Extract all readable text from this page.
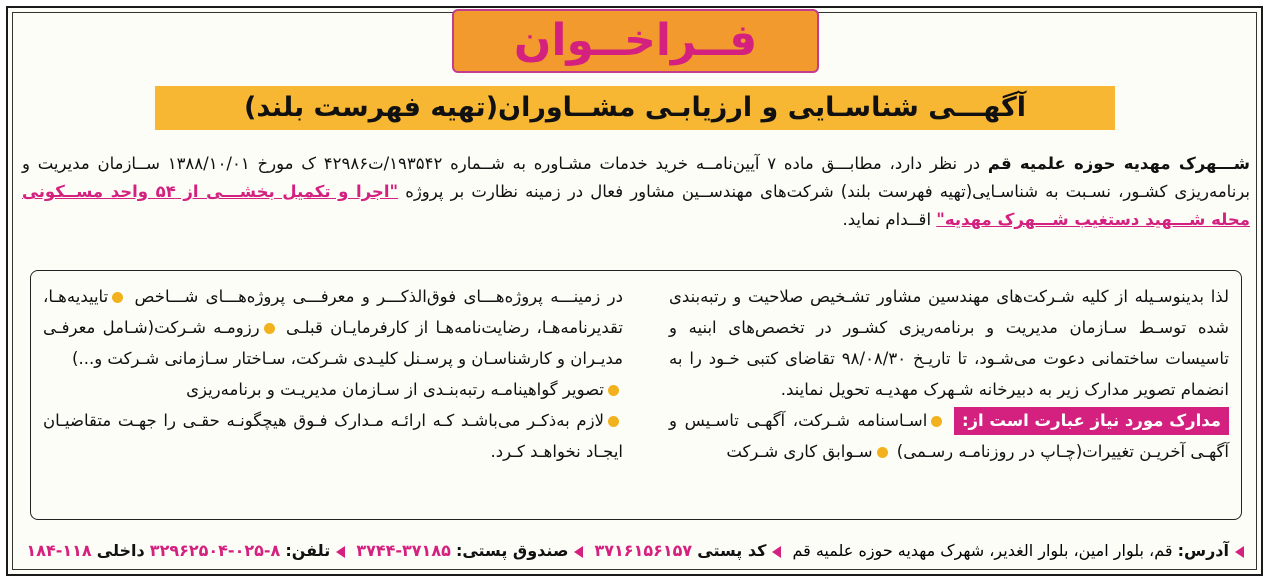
فــراخــوان
آگهـــی شناسـایی و ارزیابـی مشــاوران(تهیه فهرست بلند)
شـــهرک مهدیه حوزه علمیه قم در نظر دارد، مطابـــق ماده ۷ آیین‌نامــه خرید خدمات مشـاوره به شــماره ۱۹۳۵۴۲/ت۴۲۹۸۶ ک مورخ ۱۳۸۸/۱۰/۰۱ ســازمان مدیریت و برنامه‌ریزی کشـور، نسـبت به شناسـایی(تهیه فهرست بلند) شرکت‌های مهندســین مشاور فعال در زمینه نظارت بر پروژه "اجرا و تکمیل بخشـــی از ۵۴ واحد مســکونی محله شـــهید دستغیب شـــهرک مهدیه" اقــدام نماید.
لذا بدینوسـیله از کلیه شـرکت‌های مهندسین مشاور تشـخیص صلاحیت و رتبه‌بندی شده توسـط سـازمان مدیریت و برنامه‌ریزی کشـور در تخصص‌های ابنیه و تاسیسات ساختمانی دعوت می‌شـود، تا تاریـخ ۹۸/۰۸/۳۰ تقاضای کتبی خـود را به انضمام تصویر مدارک زیر به دبیرخانه شـهرک مهدیـه تحویل نمایند.
مدارک مورد نیاز عبارت است از: اسـاسنامه شـرکت، آگهـی تاسـیس و آگهـی آخریـن تغییرات(چـاپ در روزنامـه رسـمی) سـوابق کاری شـرکت
در زمینـــه پروژه‌هـــای فوق‌الذکـــر و معرفـــی پروژه‌هـــای شـــاخص تاییدیه‌هـا، تقدیرنامه‌هـا، رضایت‌نامه‌هـا از کارفرمایـان قبلـی رزومـه شـرکت(شـامل معرفـی مدیـران و کارشناسـان و پرسـنل کلیـدی شـرکت، سـاختار سـازمانی شـرکت و...)
تصویر گواهینامـه رتبه‌بنـدی از سـازمان مدیریـت و برنامه‌ریزی
لازم به‌ذکـر می‌باشـد کـه ارائـه مـدارک فـوق هیچگونـه حقـی را جهـت متقاضیـان ایجـاد نخواهـد کـرد.
آدرس: قم، بلوار امین، بلوار الغدیر، شهرک مهدیه حوزه علمیه قم کد پستی ۳۷۱۶۱۵۶۱۵۷ صندوق پستی: ۳۷۱۸۵-۳۷۴۴ تلفن: ۸-۰۲۵-۳۲۹۶۲۵۰۴ داخلی ۱۱۸-۱۸۴
